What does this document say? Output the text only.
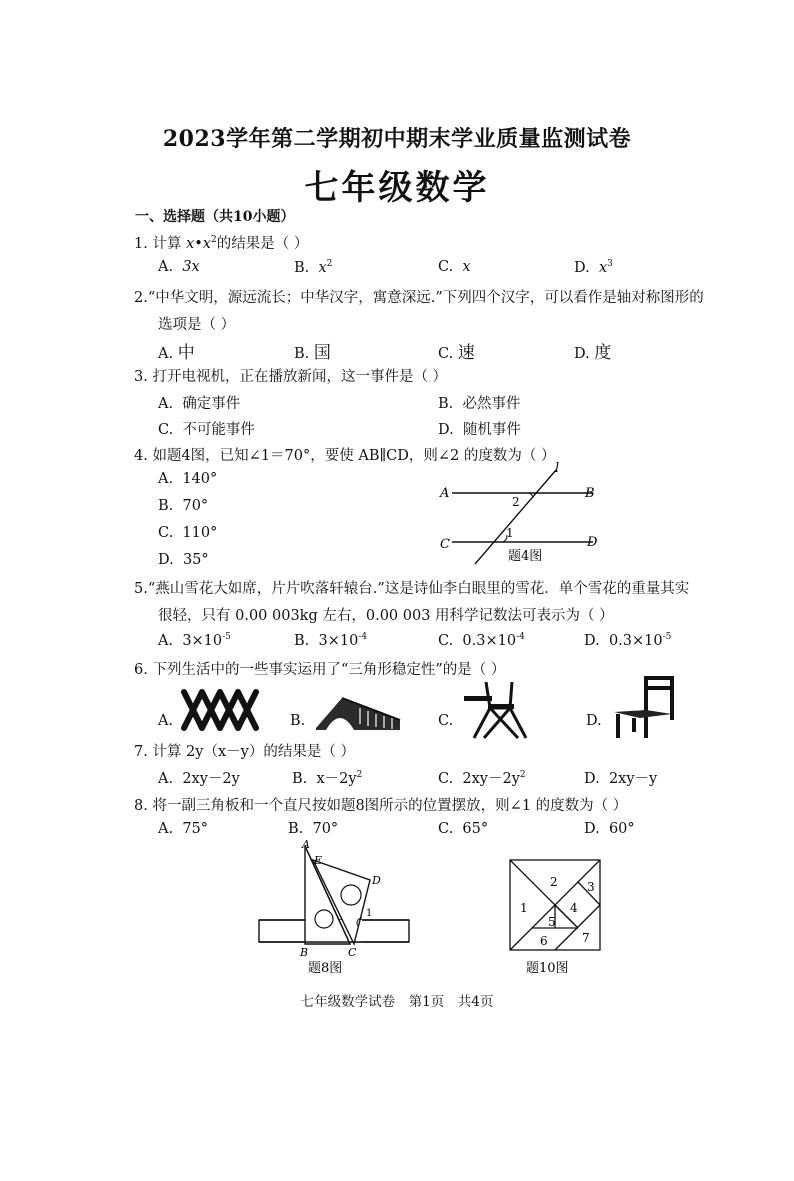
2023学年第二学期初中期末学业质量监测试卷
七年级数学
一、选择题（共10小题）
1. 计算 $x•x^2$的结果是（ ）
A. 3x	B. $x^2$	C. x	D. $x^3$
2.“中华文明，源远流长；中华汉字，寓意深远.”下列四个汉字，可以看作是轴对称图形的
选项是（ ）
A. 中	B. 国	C. 速	D. 度
3. 打开电视机，正在播放新闻，这一事件是（ ）
A. 确定事件	B. 必然事件
C. 不可能事件	D. 随机事件
4. 如题4图，已知∠1＝70°，要使 AB∥CD，则∠2 的度数为（ ）
A. 140°
B. 70°
C. 110°
D. 35°
A	B
C	D
l
1
2
题4图
5.“燕山雪花大如席，片片吹落轩辕台.”这是诗仙李白眼里的雪花．单个雪花的重量其实
很轻，只有 0.00 003kg 左右，0.00 003 用科学记数法可表示为（ ）
A. $3\times 10^{-5}$	B. $3\times 10^{-4}$	C. $0.3\times 10^{-4}$	D. $0.3\times 10^{-5}$
6. 下列生活中的一些事实运用了“三角形稳定性”的是（ ）
A.	B.	C.	D.
7. 计算 2y（x－y）的结果是（ ）
A. 2xy－2y	B. $x-2y^2$	C. $2xy-2y^2$	D. 2xy－y
8. 将一副三角板和一个直尺按如题8图所示的位置摆放，则∠1 的度数为（ ）
A. 75°	B. 70°	C. 65°	D. 60°
A
E
D
B	C
1
题8图
2 3
1	4
5
6	7
题10图
七年级数学试卷　第1页　共4页
